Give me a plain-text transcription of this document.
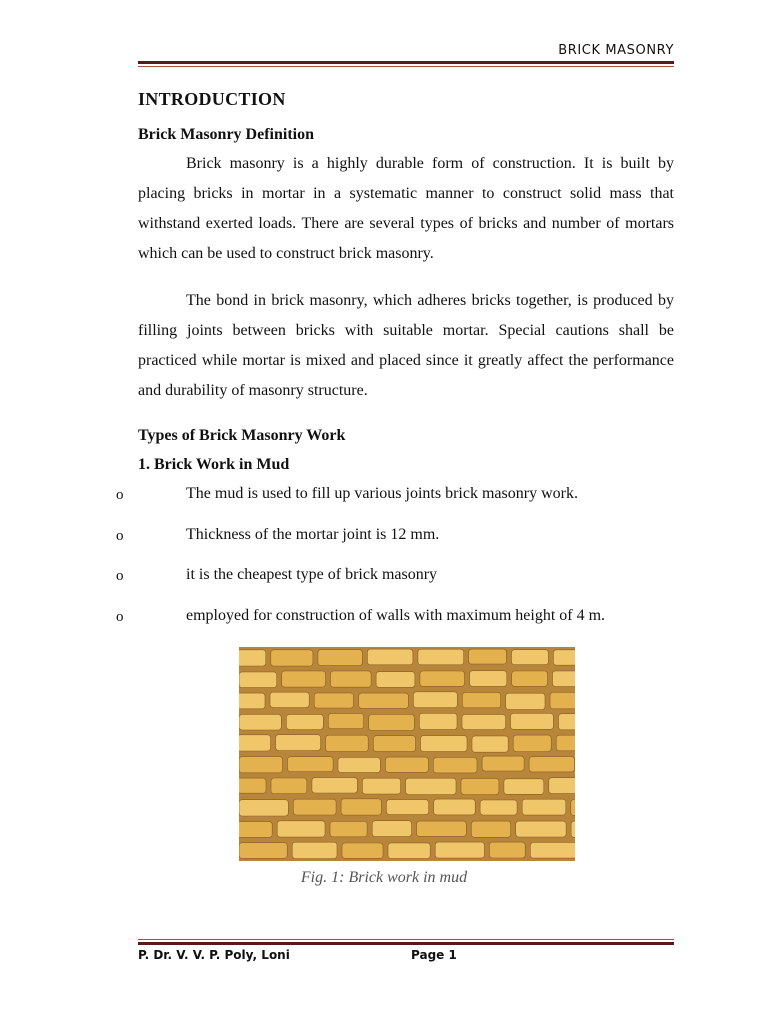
BRICK MASONRY
INTRODUCTION
Brick Masonry Definition

Brick masonry is a highly durable form of construction. It is built by placing bricks in mortar in a systematic manner to construct solid mass that withstand exerted loads. There are several types of bricks and number of mortars which can be used to construct brick masonry.

The bond in brick masonry, which adheres bricks together, is produced by filling joints between bricks with suitable mortar. Special cautions shall be practiced while mortar is mixed and placed since it greatly affect the performance and durability of masonry structure.

Types of Brick Masonry Work
1. Brick Work in Mud
o	The mud is used to fill up various joints brick masonry work.
o	Thickness of the mortar joint is 12 mm.
o	it is the cheapest type of brick masonry
o	employed for construction of walls with maximum height of 4 m.
Fig. 1: Brick work in mud
P. Dr. V. V. P. Poly, Loni	Page 1
